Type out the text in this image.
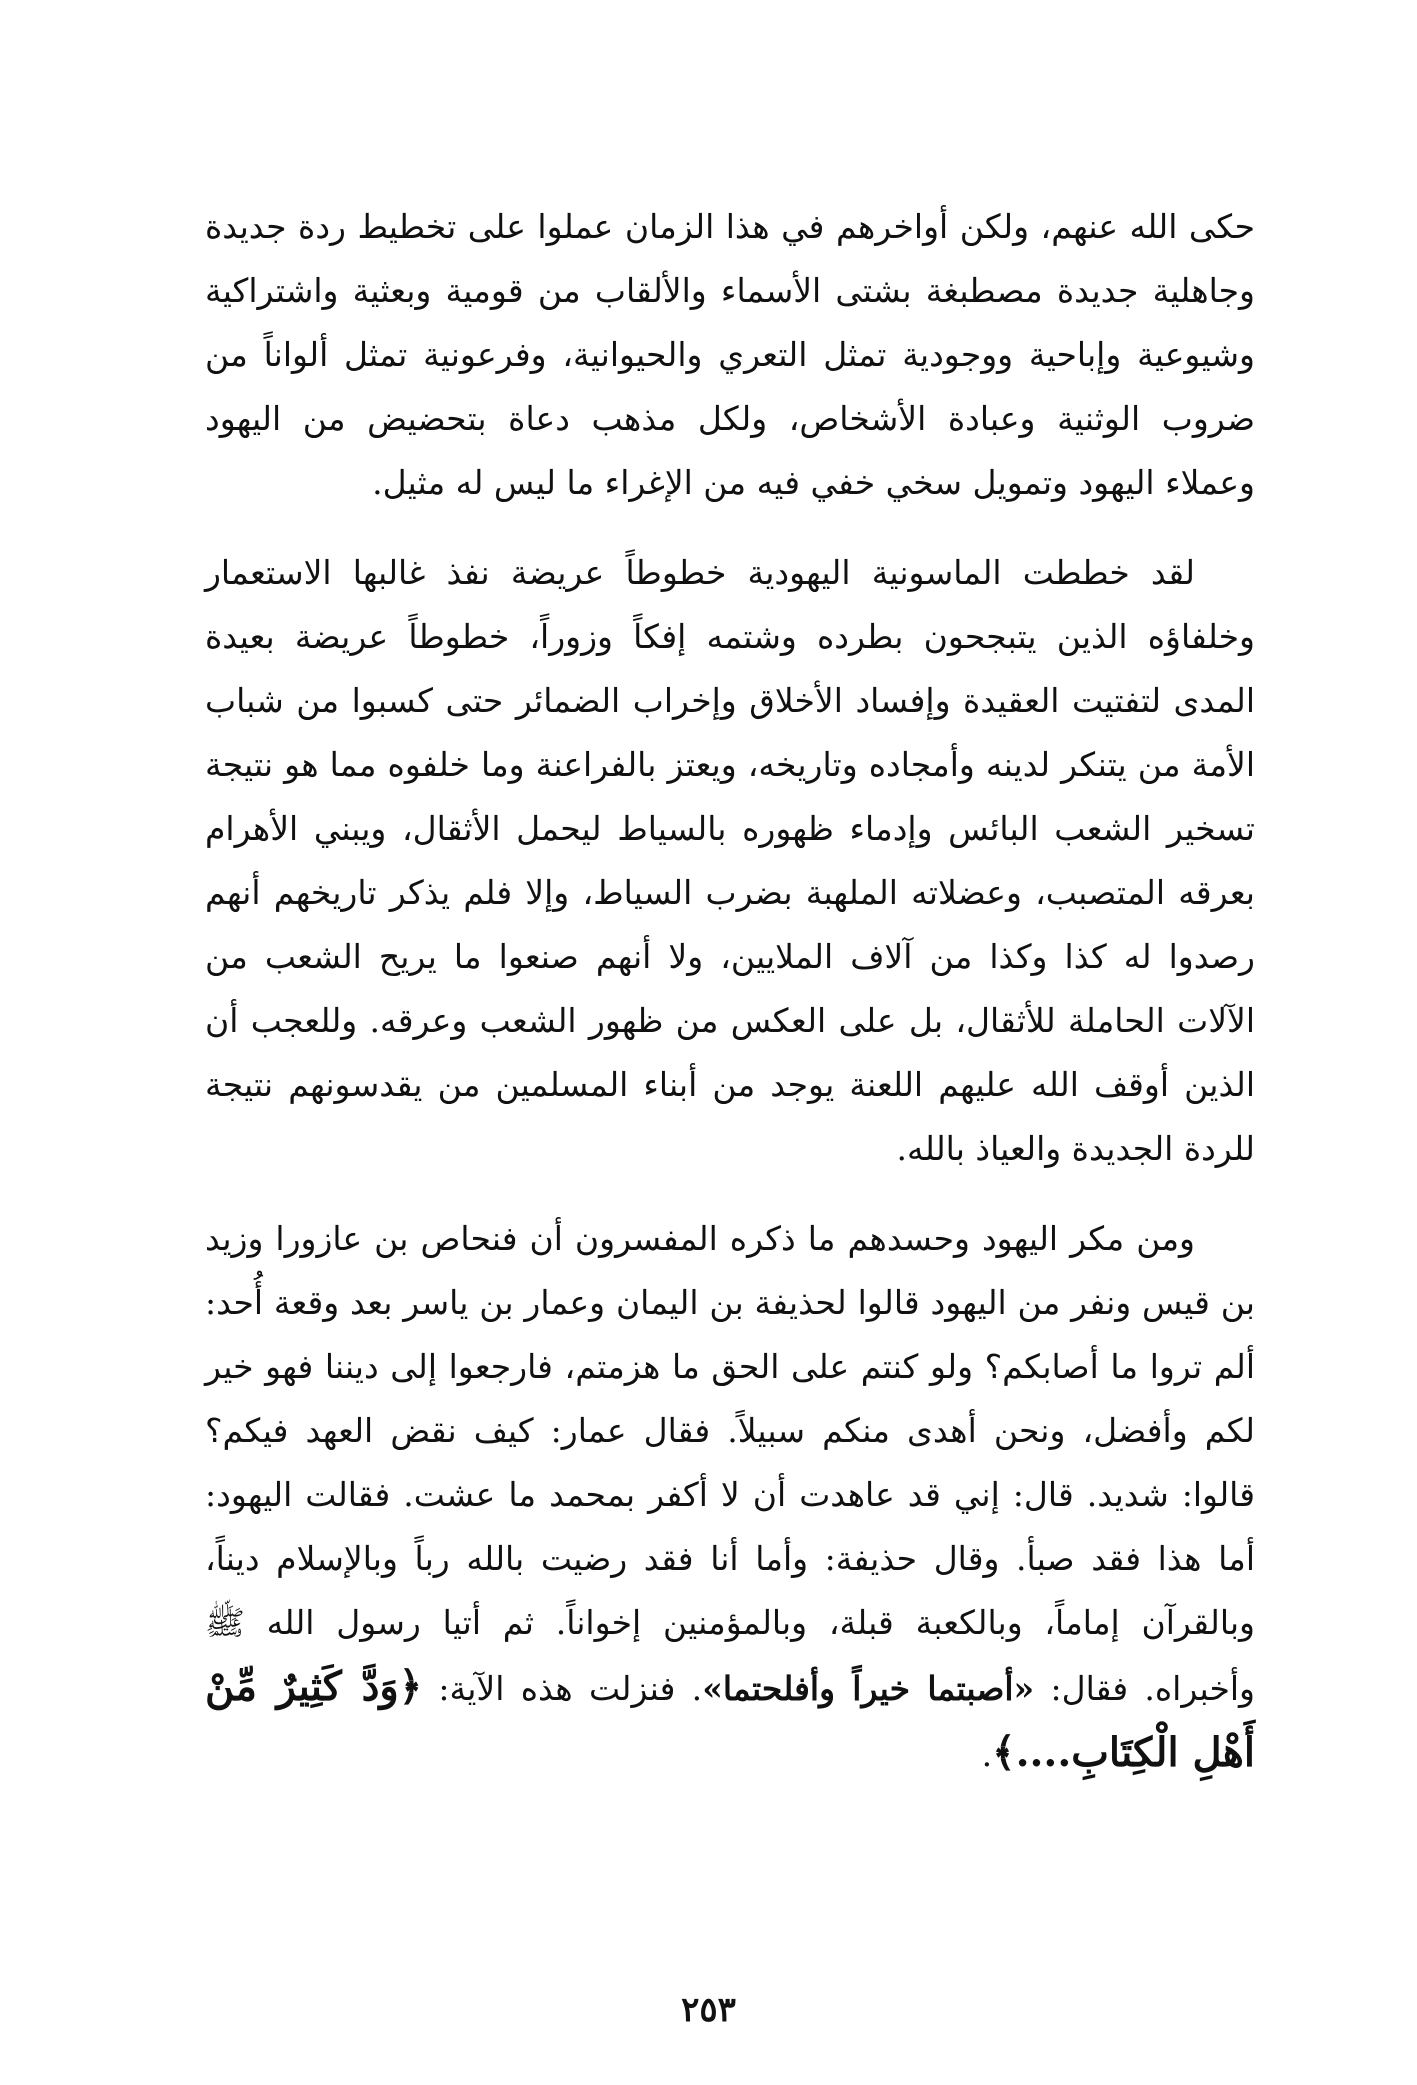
حكى الله عنهم، ولكن أواخرهم في هذا الزمان عملوا على تخطيط ردة جديدة وجاهلية جديدة مصطبغة بشتى الأسماء والألقاب من قومية وبعثية واشتراكية وشيوعية وإباحية ووجودية تمثل التعري والحيوانية، وفرعونية تمثل ألواناً من ضروب الوثنية وعبادة الأشخاص، ولكل مذهب دعاة بتحضيض من اليهود وعملاء اليهود وتمويل سخي خفي فيه من الإغراء ما ليس له مثيل.

لقد خططت الماسونية اليهودية خطوطاً عريضة نفذ غالبها الاستعمار وخلفاؤه الذين يتبجحون بطرده وشتمه إفكاً وزوراً، خطوطاً عريضة بعيدة المدى لتفتيت العقيدة وإفساد الأخلاق وإخراب الضمائر حتى كسبوا من شباب الأمة من يتنكر لدينه وأمجاده وتاريخه، ويعتز بالفراعنة وما خلفوه مما هو نتيجة تسخير الشعب البائس وإدماء ظهوره بالسياط ليحمل الأثقال، ويبني الأهرام بعرقه المتصبب، وعضلاته الملهبة بضرب السياط، وإلا فلم يذكر تاريخهم أنهم رصدوا له كذا وكذا من آلاف الملايين، ولا أنهم صنعوا ما يريح الشعب من الآلات الحاملة للأثقال، بل على العكس من ظهور الشعب وعرقه. وللعجب أن الذين أوقف الله عليهم اللعنة يوجد من أبناء المسلمين من يقدسونهم نتيجة للردة الجديدة والعياذ بالله.

ومن مكر اليهود وحسدهم ما ذكره المفسرون أن فنحاص بن عازورا وزيد بن قيس ونفر من اليهود قالوا لحذيفة بن اليمان وعمار بن ياسر بعد وقعة أُحد: ألم تروا ما أصابكم؟ ولو كنتم على الحق ما هزمتم، فارجعوا إلى ديننا فهو خير لكم وأفضل، ونحن أهدى منكم سبيلاً. فقال عمار: كيف نقض العهد فيكم؟ قالوا: شديد. قال: إني قد عاهدت أن لا أكفر بمحمد ما عشت. فقالت اليهود: أما هذا فقد صبأ. وقال حذيفة: وأما أنا فقد رضيت بالله رباً وبالإسلام ديناً، وبالقرآن إماماً، وبالكعبة قبلة، وبالمؤمنين إخواناً. ثم أتيا رسول الله ﷺ وأخبراه. فقال: «أصبتما خيراً وأفلحتما». فنزلت هذه الآية: ﴿وَدَّ كَثِيرٌ مِّنْ أَهْلِ الْكِتَابِ....﴾.

٢٥٣
